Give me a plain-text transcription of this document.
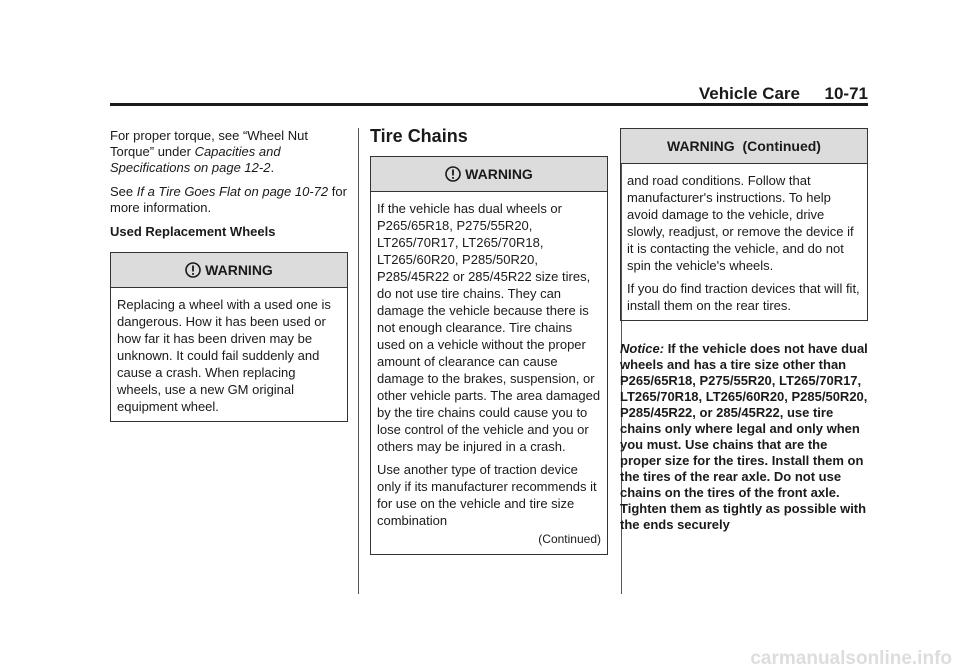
Vehicle Care 10-71

For proper torque, see “Wheel Nut Torque” under Capacities and Specifications on page 12-2.

See If a Tire Goes Flat on page 10-72 for more information.

Used Replacement Wheels

WARNING

Replacing a wheel with a used one is dangerous. How it has been used or how far it has been driven may be unknown. It could fail suddenly and cause a crash. When replacing wheels, use a new GM original equipment wheel.

Tire Chains
WARNING

If the vehicle has dual wheels or P265/65R18, P275/55R20, LT265/70R17, LT265/70R18, LT265/60R20, P285/50R20, P285/45R22 or 285/45R22 size tires, do not use tire chains. They can damage the vehicle because there is not enough clearance. Tire chains used on a vehicle without the proper amount of clearance can cause damage to the brakes, suspension, or other vehicle parts. The area damaged by the tire chains could cause you to lose control of the vehicle and you or others may be injured in a crash.

Use another type of traction device only if its manufacturer recommends it for use on the vehicle and tire size combination

(Continued)
WARNING  (Continued)

and road conditions. Follow that manufacturer's instructions. To help avoid damage to the vehicle, drive slowly, readjust, or remove the device if it is contacting the vehicle, and do not spin the vehicle's wheels.

If you do find traction devices that will fit, install them on the rear tires.

Notice: If the vehicle does not have dual wheels and has a tire size other than P265/65R18, P275/55R20, LT265/70R17, LT265/70R18, LT265/60R20, P285/50R20, P285/45R22, or 285/45R22, use tire chains only where legal and only when you must. Use chains that are the proper size for the tires. Install them on the tires of the rear axle. Do not use chains on the tires of the front axle. Tighten them as tightly as possible with the ends securely

carmanualsonline.info
